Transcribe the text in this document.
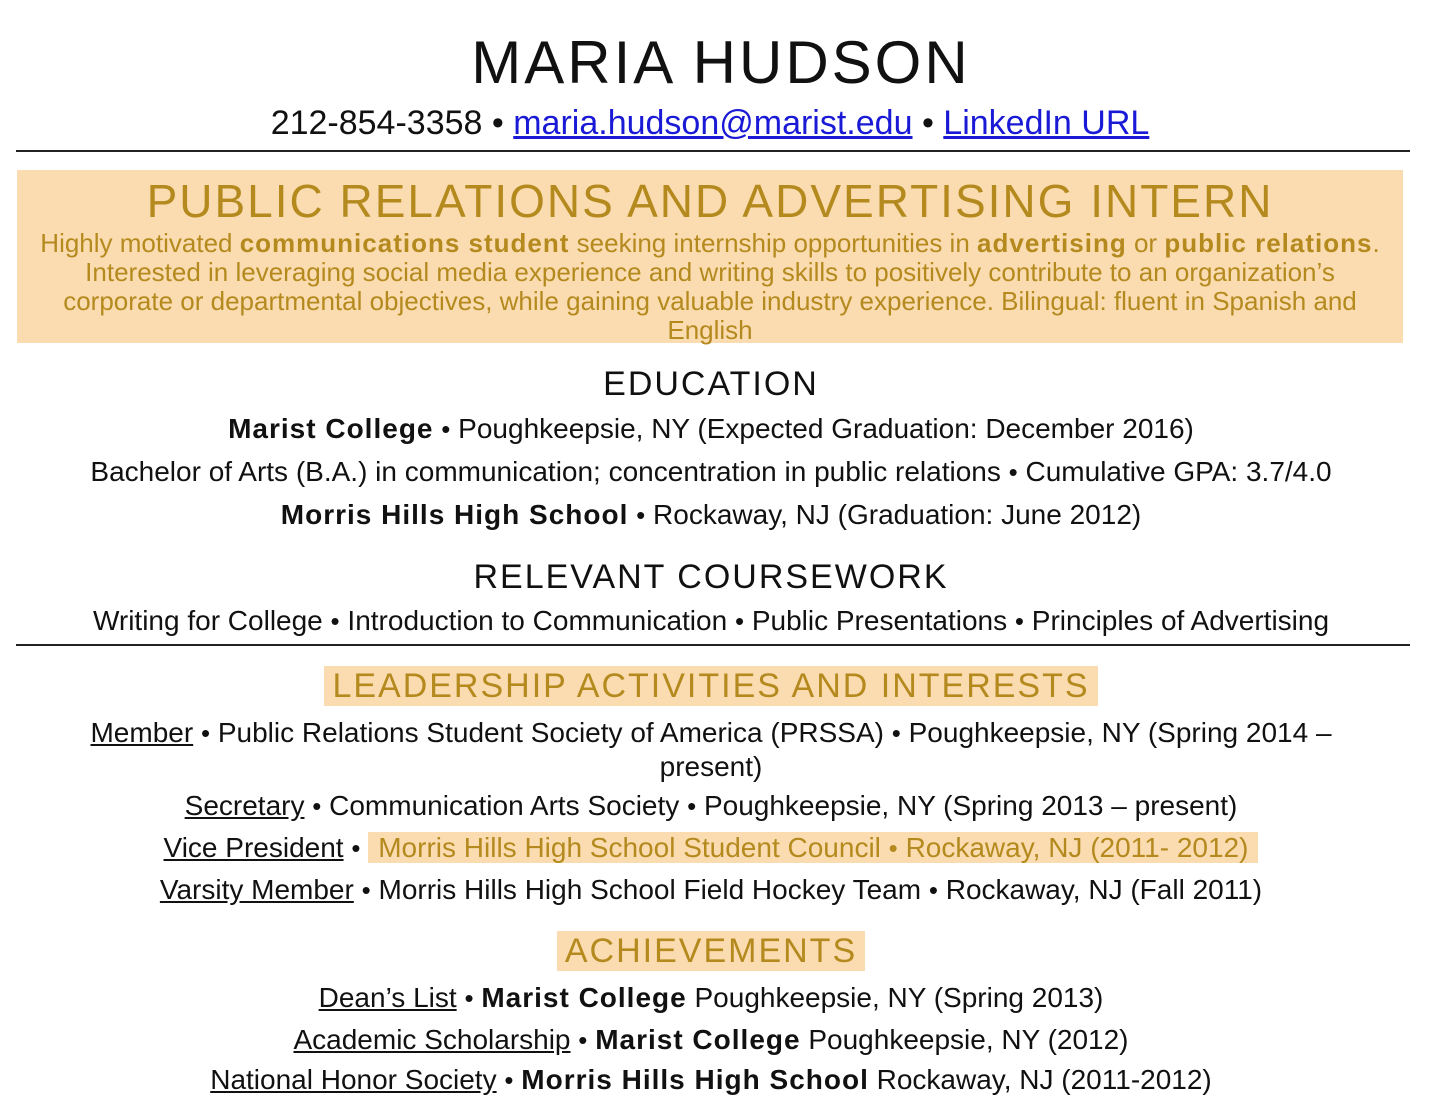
MARIA HUDSON
212-854-3358 • maria.hudson@marist.edu • LinkedIn URL
PUBLIC RELATIONS AND ADVERTISING INTERN
Highly motivated communications student seeking internship opportunities in advertising or public relations. Interested in leveraging social media experience and writing skills to positively contribute to an organization’s corporate or departmental objectives, while gaining valuable industry experience. Bilingual: fluent in Spanish and English
EDUCATION
Marist College • Poughkeepsie, NY (Expected Graduation: December 2016)
Bachelor of Arts (B.A.) in communication; concentration in public relations • Cumulative GPA: 3.7/4.0
Morris Hills High School • Rockaway, NJ (Graduation: June 2012)
RELEVANT COURSEWORK
Writing for College • Introduction to Communication • Public Presentations • Principles of Advertising
LEADERSHIP ACTIVITIES AND INTERESTS
Member • Public Relations Student Society of America (PRSSA) • Poughkeepsie, NY (Spring 2014 – present)
Secretary • Communication Arts Society • Poughkeepsie, NY (Spring 2013 – present)
Vice President • Morris Hills High School Student Council • Rockaway, NJ (2011- 2012)
Varsity Member • Morris Hills High School Field Hockey Team • Rockaway, NJ (Fall 2011)
ACHIEVEMENTS
Dean’s List • Marist College Poughkeepsie, NY (Spring 2013)
Academic Scholarship • Marist College Poughkeepsie, NY (2012)
National Honor Society • Morris Hills High School Rockaway, NJ (2011-2012)
